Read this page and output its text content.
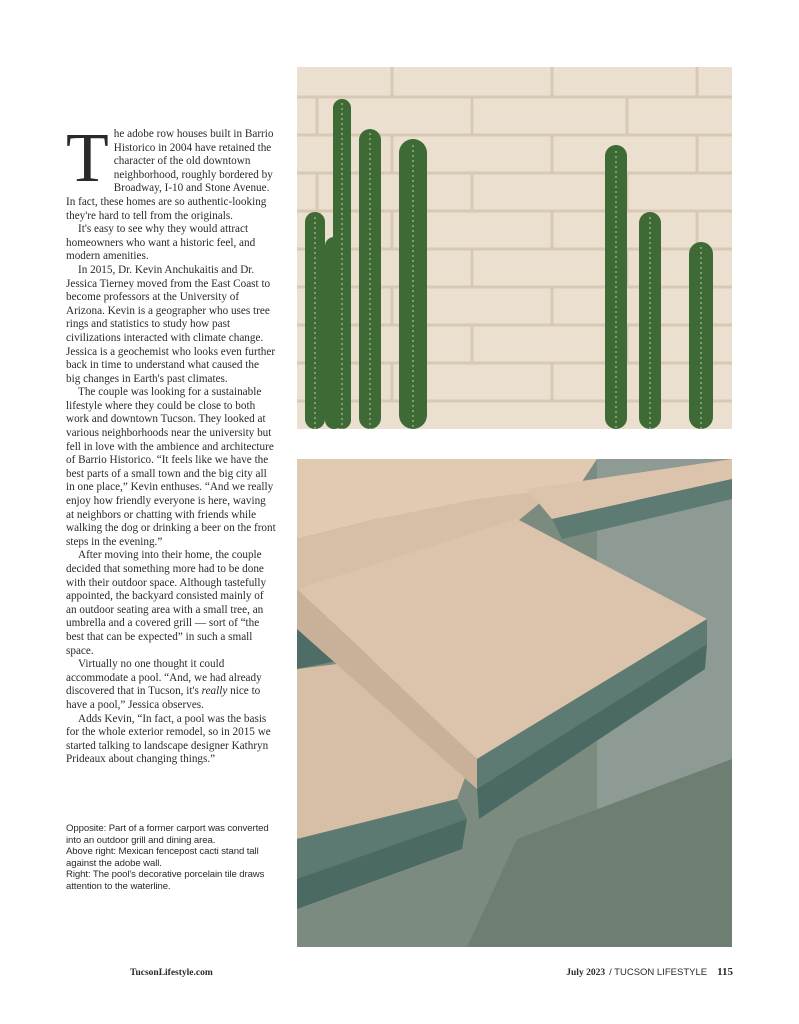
The adobe row houses built in Barrio Historico in 2004 have retained the character of the old downtown neighborhood, roughly bordered by Broadway, I-10 and Stone Avenue. In fact, these homes are so authentic-looking they're hard to tell from the originals.

It's easy to see why they would attract homeowners who want a historic feel, and modern amenities.

In 2015, Dr. Kevin Anchukaitis and Dr. Jessica Tierney moved from the East Coast to become professors at the University of Arizona. Kevin is a geographer who uses tree rings and statistics to study how past civilizations interacted with climate change. Jessica is a geochemist who looks even further back in time to understand what caused the big changes in Earth's past climates.

The couple was looking for a sustainable lifestyle where they could be close to both work and downtown Tucson. They looked at various neighborhoods near the university but fell in love with the ambience and architecture of Barrio Historico. “It feels like we have the best parts of a small town and the big city all in one place,” Kevin enthuses. “And we really enjoy how friendly everyone is here, waving at neighbors or chatting with friends while walking the dog or drinking a beer on the front steps in the evening.”

After moving into their home, the couple decided that something more had to be done with their outdoor space. Although tastefully appointed, the backyard consisted mainly of an outdoor seating area with a small tree, an umbrella and a covered grill — sort of “the best that can be expected” in such a small space.

Virtually no one thought it could accommodate a pool. “And, we had already discovered that in Tucson, it's really nice to have a pool,” Jessica observes.

Adds Kevin, “In fact, a pool was the basis for the whole exterior remodel, so in 2015 we started talking to landscape designer Kathryn Prideaux about changing things.”

Opposite: Part of a former carport was converted into an outdoor grill and dining area.
Above right: Mexican fencepost cacti stand tall against the adobe wall.
Right: The pool's decorative porcelain tile draws attention to the waterline.
TucsonLifestyle.com	July 2023 / TUCSON LIFESTYLE 115
